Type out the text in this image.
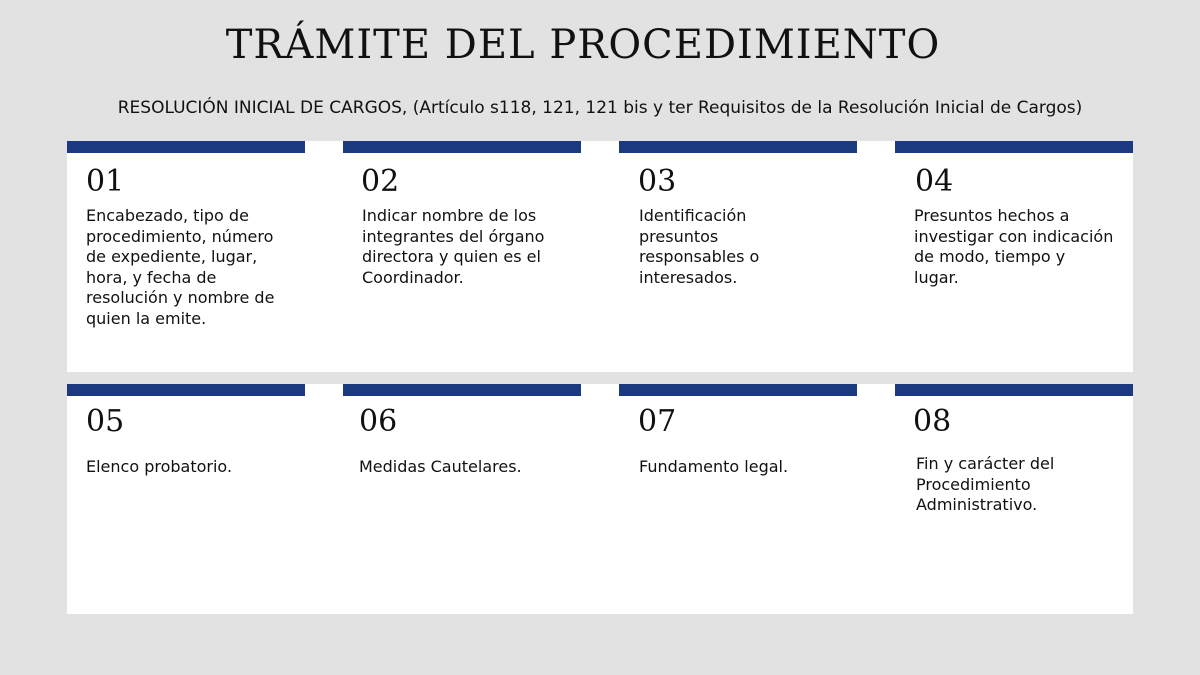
TRÁMITE DEL PROCEDIMIENTO
RESOLUCIÓN INICIAL DE CARGOS, (Artículo s118, 121, 121 bis y ter Requisitos de la Resolución Inicial de Cargos)
01
Encabezado, tipo de procedimiento, número de expediente, lugar, hora, y fecha de resolución y nombre de quien la emite.
02
Indicar nombre de los integrantes del órgano directora y quien es el Coordinador.
03
Identificación presuntos responsables o interesados.
04
Presuntos hechos a investigar con indicación de modo, tiempo y lugar.
05
Elenco probatorio.
06
Medidas Cautelares.
07
Fundamento legal.
08
Fin y carácter del Procedimiento Administrativo.
